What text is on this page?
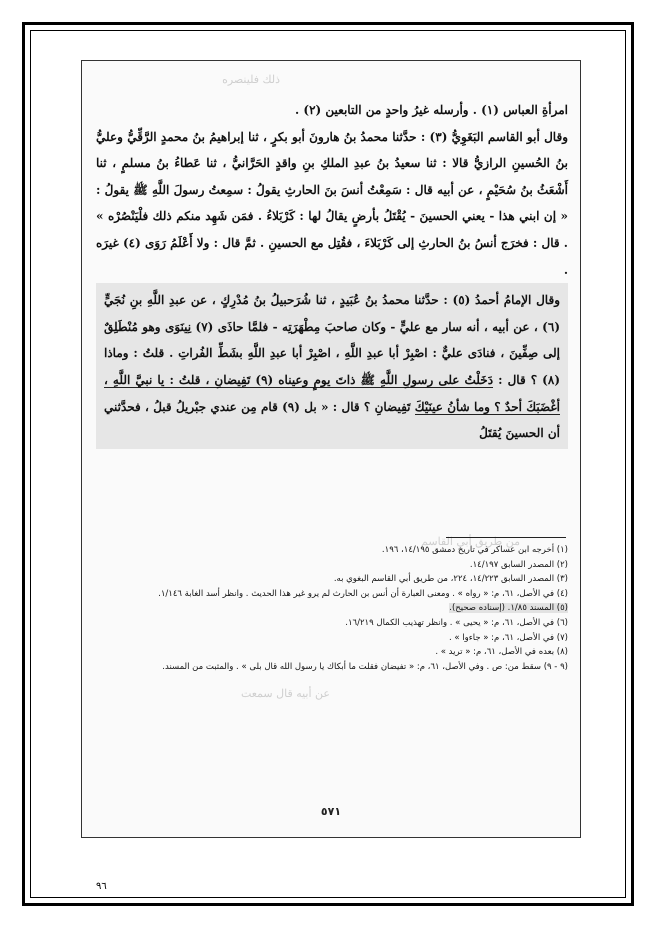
من طريق أبي القاسم
ذلك فلينصره
عن أبيه قال سمعت

امرأةِ العباس (١) . وأرسله غيرُ واحدٍ من التابعين (٢) .

وقال أبو القاسم البَغَوِيُّ (٣) : حدَّثنا محمدُ بنُ هارونَ أبو بكرٍ ، ثنا إبراهيمُ بنُ محمدٍ الرَّقِّيُّ وعليُّ بنُ الحُسينِ الرازيُّ قالا : ثنا سعيدُ بنُ عبدِ الملكِ بنِ واقدٍ الحَرَّانيُّ ، ثنا عَطاءُ بنُ مسلمٍ ، ثنا أَشْعَثُ بنُ سُحَيْمٍ ، عن أبيه قال : سَمِعْتُ أنسَ بنَ الحارثِ يقولُ : سمِعتُ رسولَ اللَّهِ ﷺ يقولُ : « إن ابني هذا - يعني الحسينَ - يُقْتَلُ بأرضٍ يقالُ لها : كَرْبَلاءُ . فمَن شَهِد منكم ذلك فلْيَنْصُرْه » . قال : فخرَج أنسُ بنُ الحارثِ إلى كَرْبَلاءَ ، فقُتِل مع الحسينِ . ثمَّ قال : ولا أَعْلَمُ رَوَى (٤) غيرَه .

وقال الإمامُ أحمدُ (٥) : حدَّثنا محمدُ بنُ عُبَيدٍ ، ثنا شُرَحبيلُ بنُ مُدْرِكٍ ، عن عبدِ اللَّهِ بنِ نُجَيٍّ (٦) ، عن أبيه ، أنه سار مع عليٍّ - وكان صاحبَ مِطْهَرَتِه - فلمَّا حاذَى (٧) نِينَوَى وهو مُنْطَلِقٌ إلى صِفِّينَ ، فنادَى عليٌّ : اصْبِرْ أبا عبدِ اللَّهِ ، اصْبِرْ أبا عبدِ اللَّهِ بشَطِّ الفُراتِ . قلتُ : وماذا (٨) ؟ قال : دَخَلْتُ على رسولِ اللَّهِ ﷺ ذاتَ يومٍ وعيناه (٩) تَفِيضانِ ، قلتُ : يا نبيَّ اللَّهِ ، أغْضَبَكَ أحدٌ ؟ وما شأنُ عينَيْكَ تَفِيضانِ ؟ قال : « بل (٩) قام مِن عندي جبْريلُ قبلُ ، فحدَّثني أن الحسينَ يُقتَلُ

(١) أخرجه ابن عساكر في تاريخ دمشق ١٤/١٩٥، ١٩٦.
(٢) المصدر السابق ١٤/١٩٧.
(٣) المصدر السابق ١٤/٢٢٣، ٢٢٤، من طريق أبي القاسم البغوي به.
(٤) في الأصل، ٦١، م: « رواه » . ومعنى العبارة أن أنس بن الحارث لم يرو غير هذا الحديث . وانظر أسد الغابة ١/١٤٦.
(٥) المسند ١/٨٥. (إسناده صحيح).
(٦) في الأصل، ٦١، م: « يحيى » . وانظر تهذيب الكمال ١٦/٢١٩.
(٧) في الأصل، ٦١، م: « جاءوا » .
(٨) بعده في الأصل، ٦١، م: « تريد » .
(٩ - ٩) سقط من: ص . وفي الأصل، ٦١، م: « تفيضان فقلت ما أبكاك يا رسول الله قال بلى » . والمثبت من المسند.
٥٧١
٩٦
